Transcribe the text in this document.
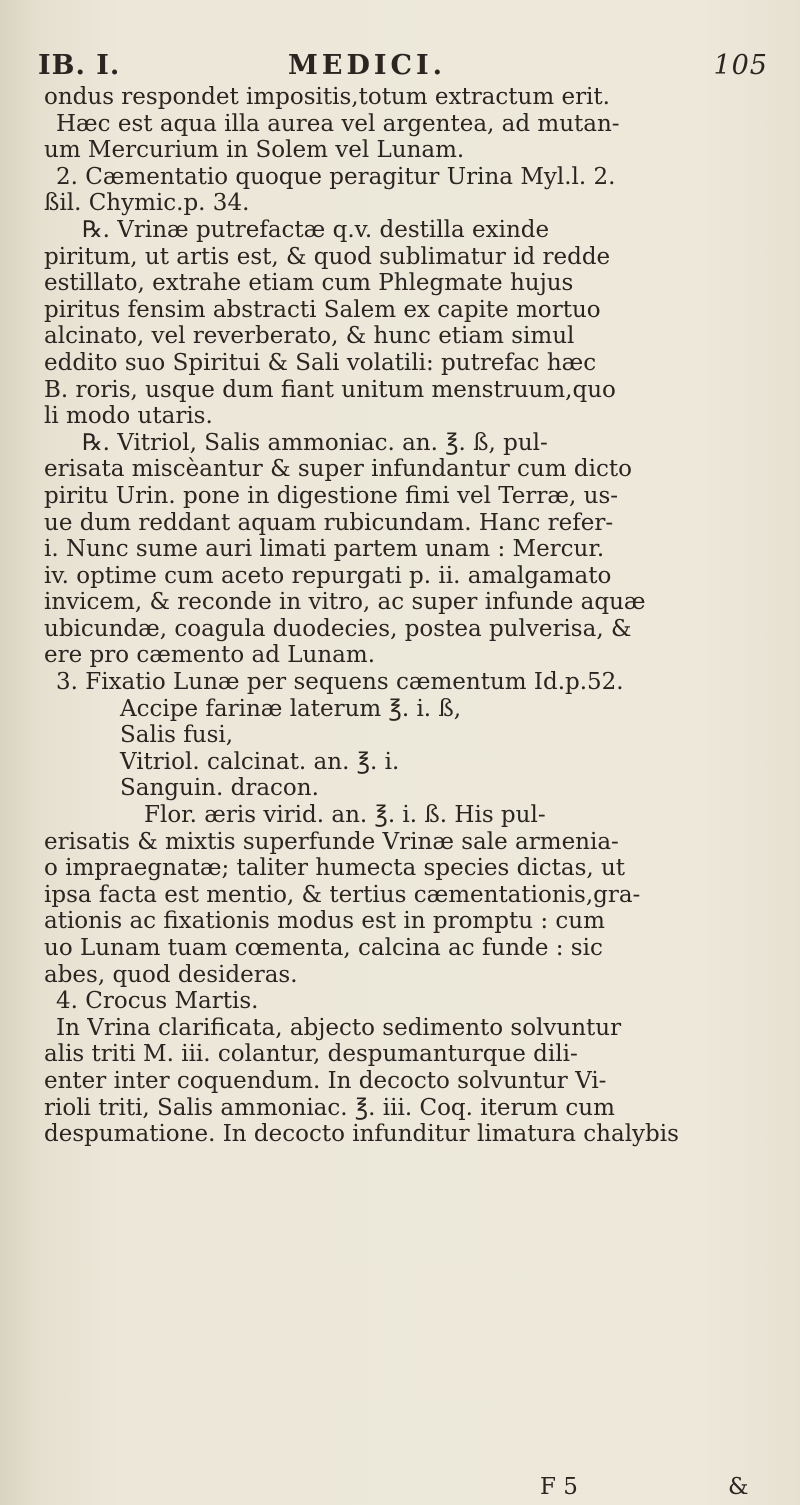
IB. I.	MEDICI.	105
ondus respondet impositis,totum extractum erit.
Hæc est aqua illa aurea vel argentea, ad mutan-
um Mercurium in Solem vel Lunam.
2. Cæmentatio quoque peragitur Urina Myl.l. 2.
ßil. Chymic.p. 34.
℞. Vrinæ putrefactæ q.v. destilla exinde
piritum, ut artis est, & quod sublimatur id redde
estillato, extrahe etiam cum Phlegmate hujus
piritus fensim abstracti Salem ex capite mortuo
alcinato, vel reverberato, & hunc etiam simul
eddito suo Spiritui & Sali volatili: putrefac hæc
B. roris, usque dum fiant unitum menstruum,quo
li modo utaris.
℞. Vitriol, Salis ammoniac. an. ℥. ß, pul-
erisata miscèantur & super infundantur cum dicto
piritu Urin. pone in digestione fimi vel Terræ, us-
ue dum reddant aquam rubicundam. Hanc refer-
i. Nunc sume auri limati partem unam : Mercur.
iv. optime cum aceto repurgati p. ii. amalgamato
invicem, & reconde in vitro, ac super infunde aquæ
ubicundæ, coagula duodecies, postea pulverisa, &
ere pro cæmento ad Lunam.
3. Fixatio Lunæ per sequens cæmentum Id.p.52.
Accipe farinæ laterum ℥. i. ß,
Salis fusi,
Vitriol. calcinat. an. ℥. i.
Sanguin. dracon.
Flor. æris virid. an. ℥. i. ß. His pul-
erisatis & mixtis superfunde Vrinæ sale armenia-
o impraegnatæ; taliter humecta species dictas, ut
ipsa facta est mentio, & tertius cæmentationis,gra-
ationis ac fixationis modus est in promptu : cum
uo Lunam tuam cœmenta, calcina ac funde : sic
abes, quod desideras.
4. Crocus Martis.
In Vrina clarificata, abjecto sedimento solvuntur
alis triti M. iii. colantur, despumanturque dili-
enter inter coquendum. In decocto solvuntur Vi-
rioli triti, Salis ammoniac. ℥. iii. Coq. iterum cum
despumatione. In decocto infunditur limatura chalybis
F 5	&
